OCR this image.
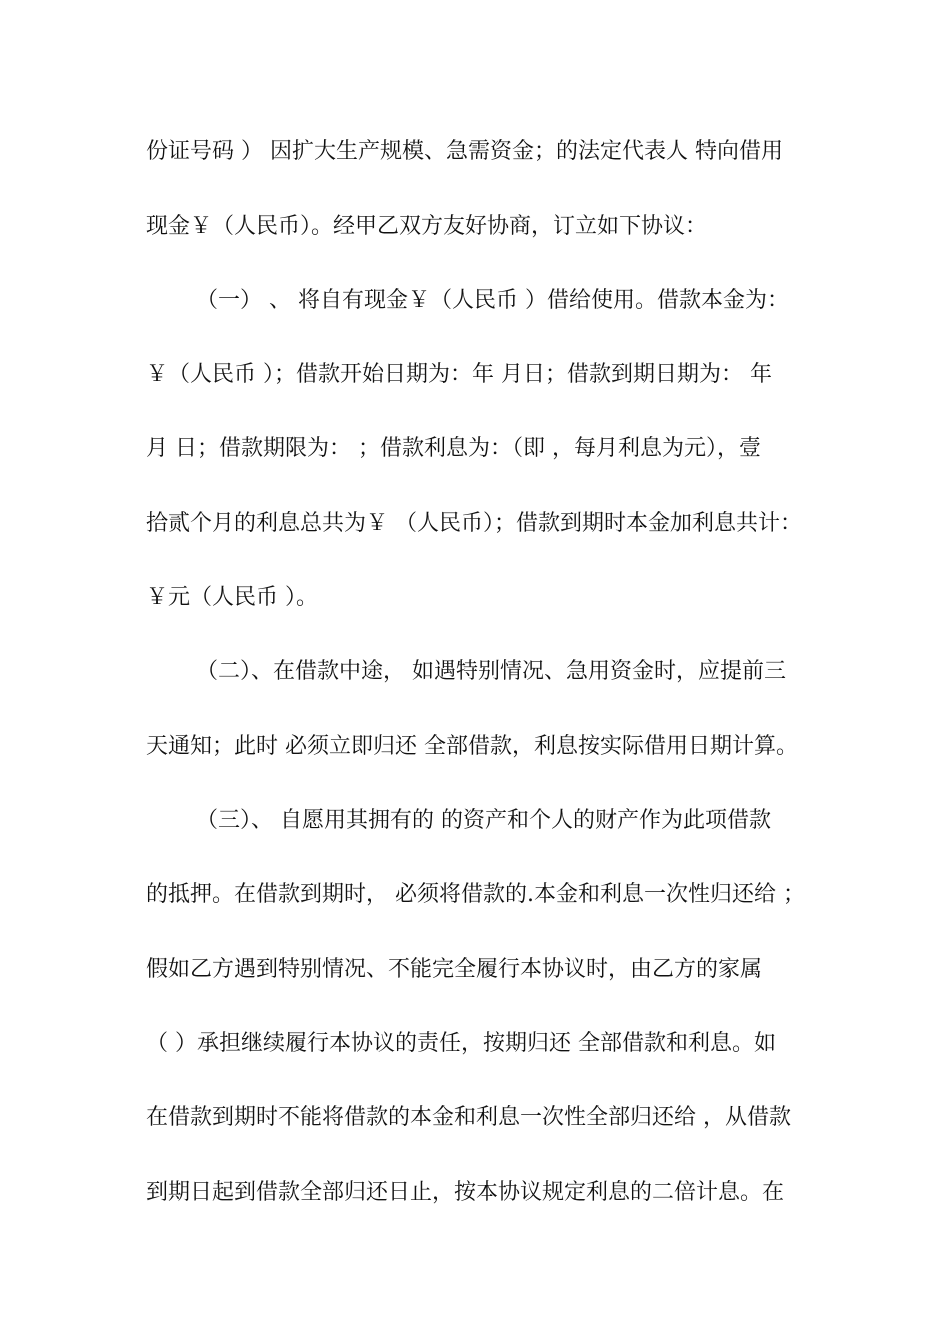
份证号码 ） 因扩大生产规模、急需资金；的法定代表人 特向借用
现金￥（人民币）。经甲乙双方友好协商，订立如下协议：
（一） 、 将自有现金￥（人民币 ）借给使用。借款本金为：
￥（人民币 ）；借款开始日期为：年 月日；借款到期日期为： 年
月 日；借款期限为： ；借款利息为：（即 ，每月利息为元），壹
拾贰个月的利息总共为￥ （人民币）；借款到期时本金加利息共计：
￥元（人民币 ）。
（二）、在借款中途， 如遇特别情况、急用资金时，应提前三
天通知；此时 必须立即归还 全部借款，利息按实际借用日期计算。
（三）、 自愿用其拥有的 的资产和个人的财产作为此项借款
的抵押。在借款到期时， 必须将借款的.本金和利息一次性归还给 ；
假如乙方遇到特别情况、不能完全履行本协议时，由乙方的家属
（ ）承担继续履行本协议的责任，按期归还 全部借款和利息。如
在借款到期时不能将借款的本金和利息一次性全部归还给 ，从借款
到期日起到借款全部归还日止，按本协议规定利息的二倍计息。在
